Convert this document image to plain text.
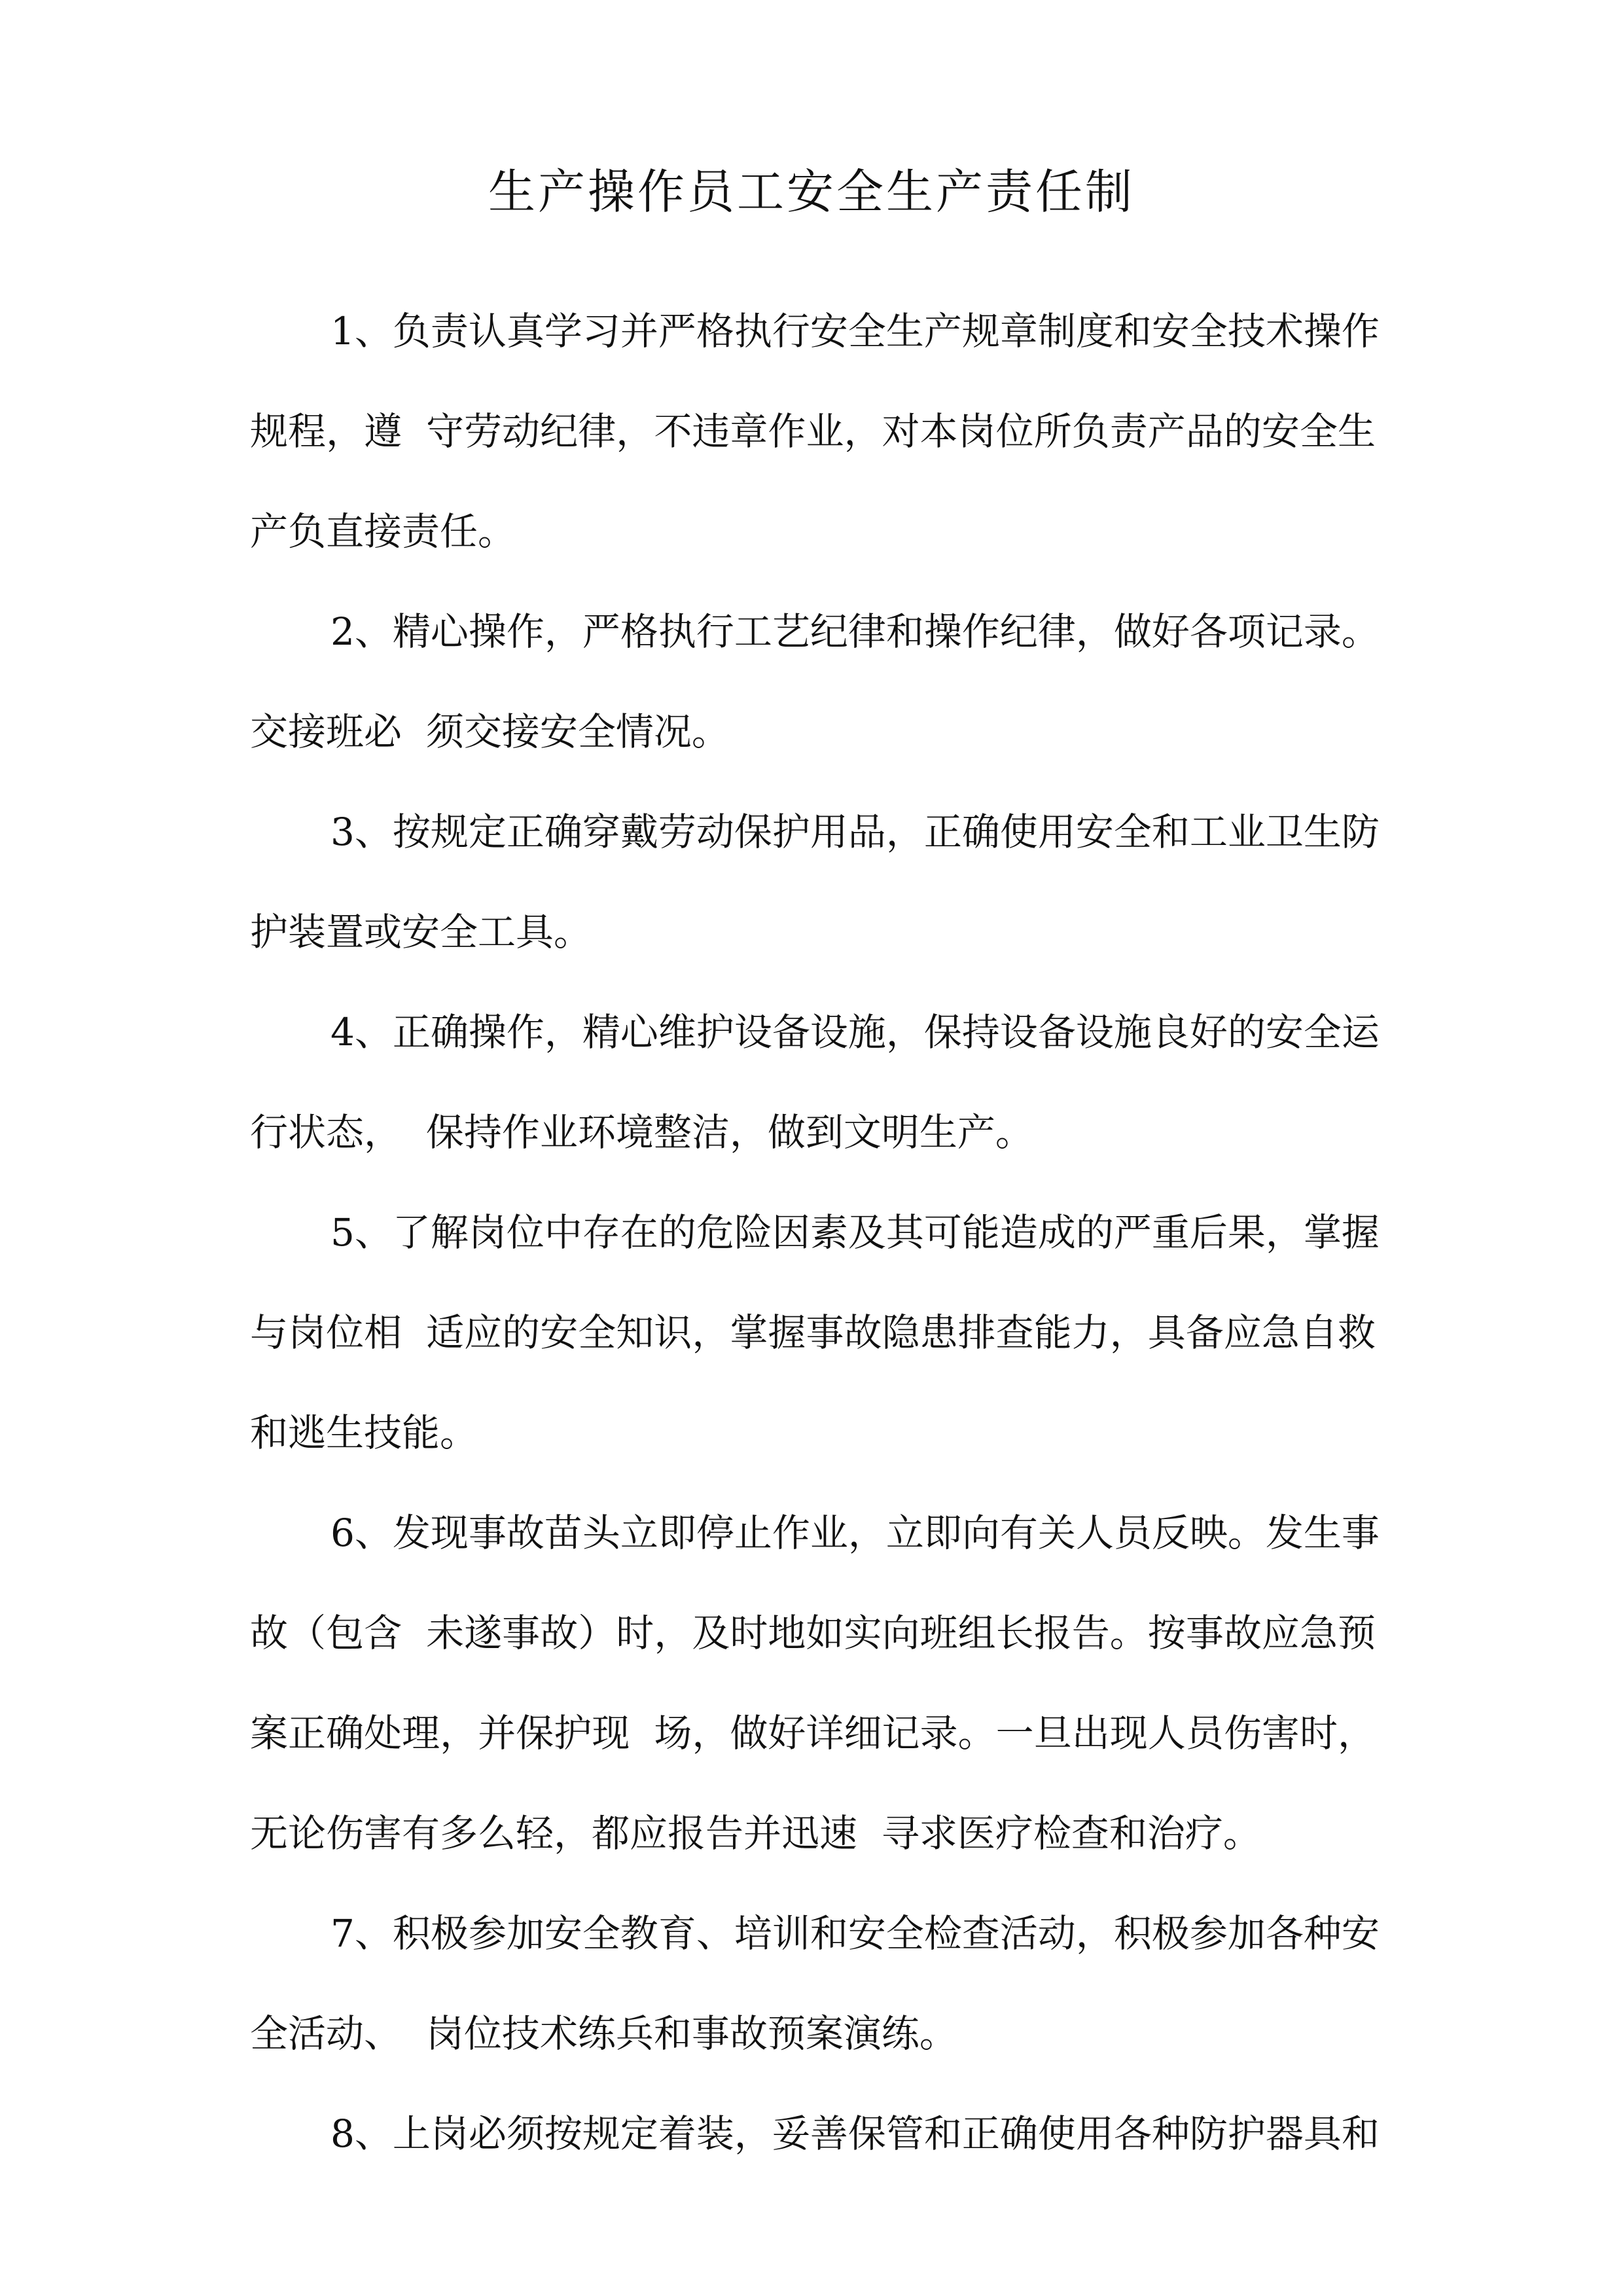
生产操作员工安全生产责任制
1、负责认真学习并严格执行安全生产规章制度和安全技术操作
规程，遵  守劳动纪律，不违章作业，对本岗位所负责产品的安全生
产负直接责任。
2、精心操作，严格执行工艺纪律和操作纪律，做好各项记录。
交接班必  须交接安全情况。
3、按规定正确穿戴劳动保护用品，正确使用安全和工业卫生防
护装置或安全工具。
4、正确操作，精心维护设备设施，保持设备设施良好的安全运
行状态，  保持作业环境整洁，做到文明生产。
5、了解岗位中存在的危险因素及其可能造成的严重后果，掌握
与岗位相  适应的安全知识，掌握事故隐患排查能力，具备应急自救
和逃生技能。
6、发现事故苗头立即停止作业，立即向有关人员反映。发生事
故（包含  未遂事故）时，及时地如实向班组长报告。按事故应急预
案正确处理，并保护现  场，做好详细记录。一旦出现人员伤害时，
无论伤害有多么轻，都应报告并迅速  寻求医疗检查和治疗。
7、积极参加安全教育、培训和安全检查活动，积极参加各种安
全活动、  岗位技术练兵和事故预案演练。
8、上岗必须按规定着装，妥善保管和正确使用各种防护器具和
